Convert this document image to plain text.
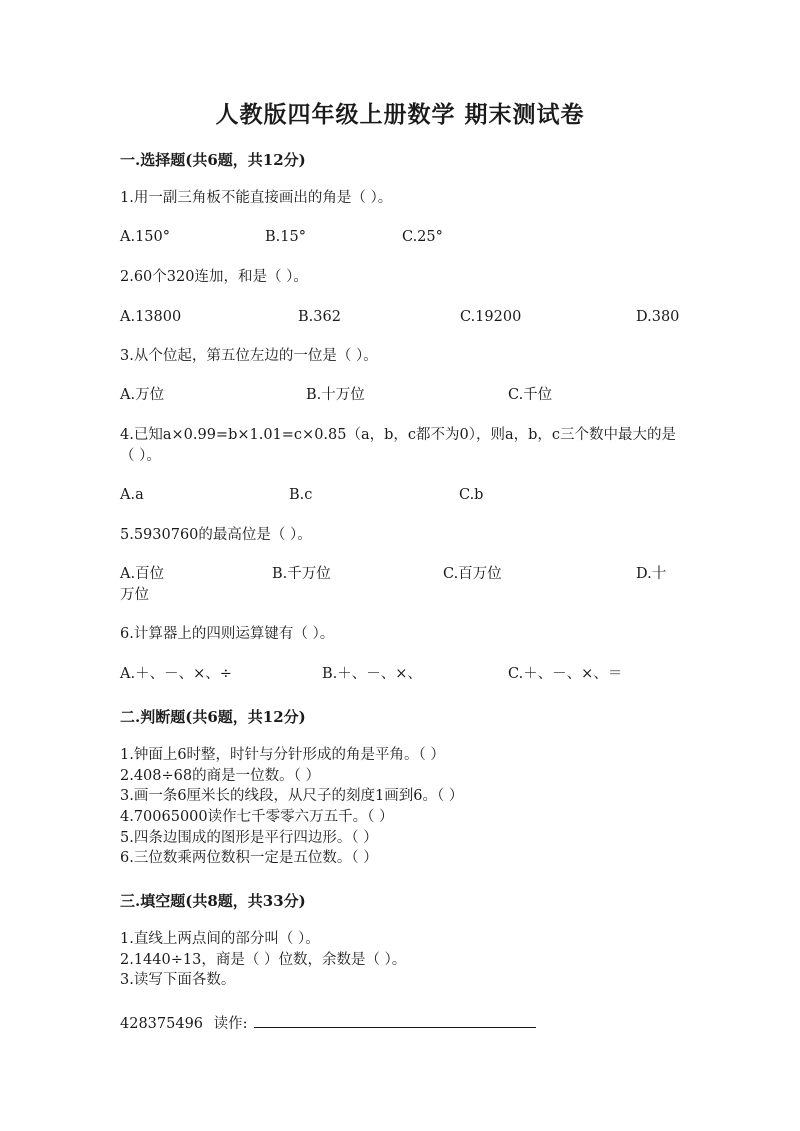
人教版四年级上册数学 期末测试卷
一.选择题(共6题，共12分)
1.用一副三角板不能直接画出的角是（ ）。
A.150°	B.15°	C.25°
2.60个320连加，和是（ ）。
A.13800	B.362	C.19200	D.380
3.从个位起，第五位左边的一位是（ ）。
A.万位	B.十万位	C.千位
4.已知a×0.99=b×1.01=c×0.85（a，b，c都不为0），则a，b，c三个数中最大的是（ ）。
A.a	B.c	C.b
5.5930760的最高位是（ ）。
A.百位	B.千万位	C.百万位	D.十
万位
6.计算器上的四则运算键有（ ）。
A.＋、－、×、÷	B.＋、－、×、	C.＋、－、×、＝
二.判断题(共6题，共12分)
1.钟面上6时整，时针与分针形成的角是平角。（ ）
2.408÷68的商是一位数。（ ）
3.画一条6厘米长的线段，从尺子的刻度1画到6。（ ）
4.70065000读作七千零零六万五千。（ ）
5.四条边围成的图形是平行四边形。（ ）
6.三位数乘两位数积一定是五位数。（ ）
三.填空题(共8题，共33分)
1.直线上两点间的部分叫（ ）。
2.1440÷13，商是（ ）位数，余数是（ ）。
3.读写下面各数。
428375496 读作:
